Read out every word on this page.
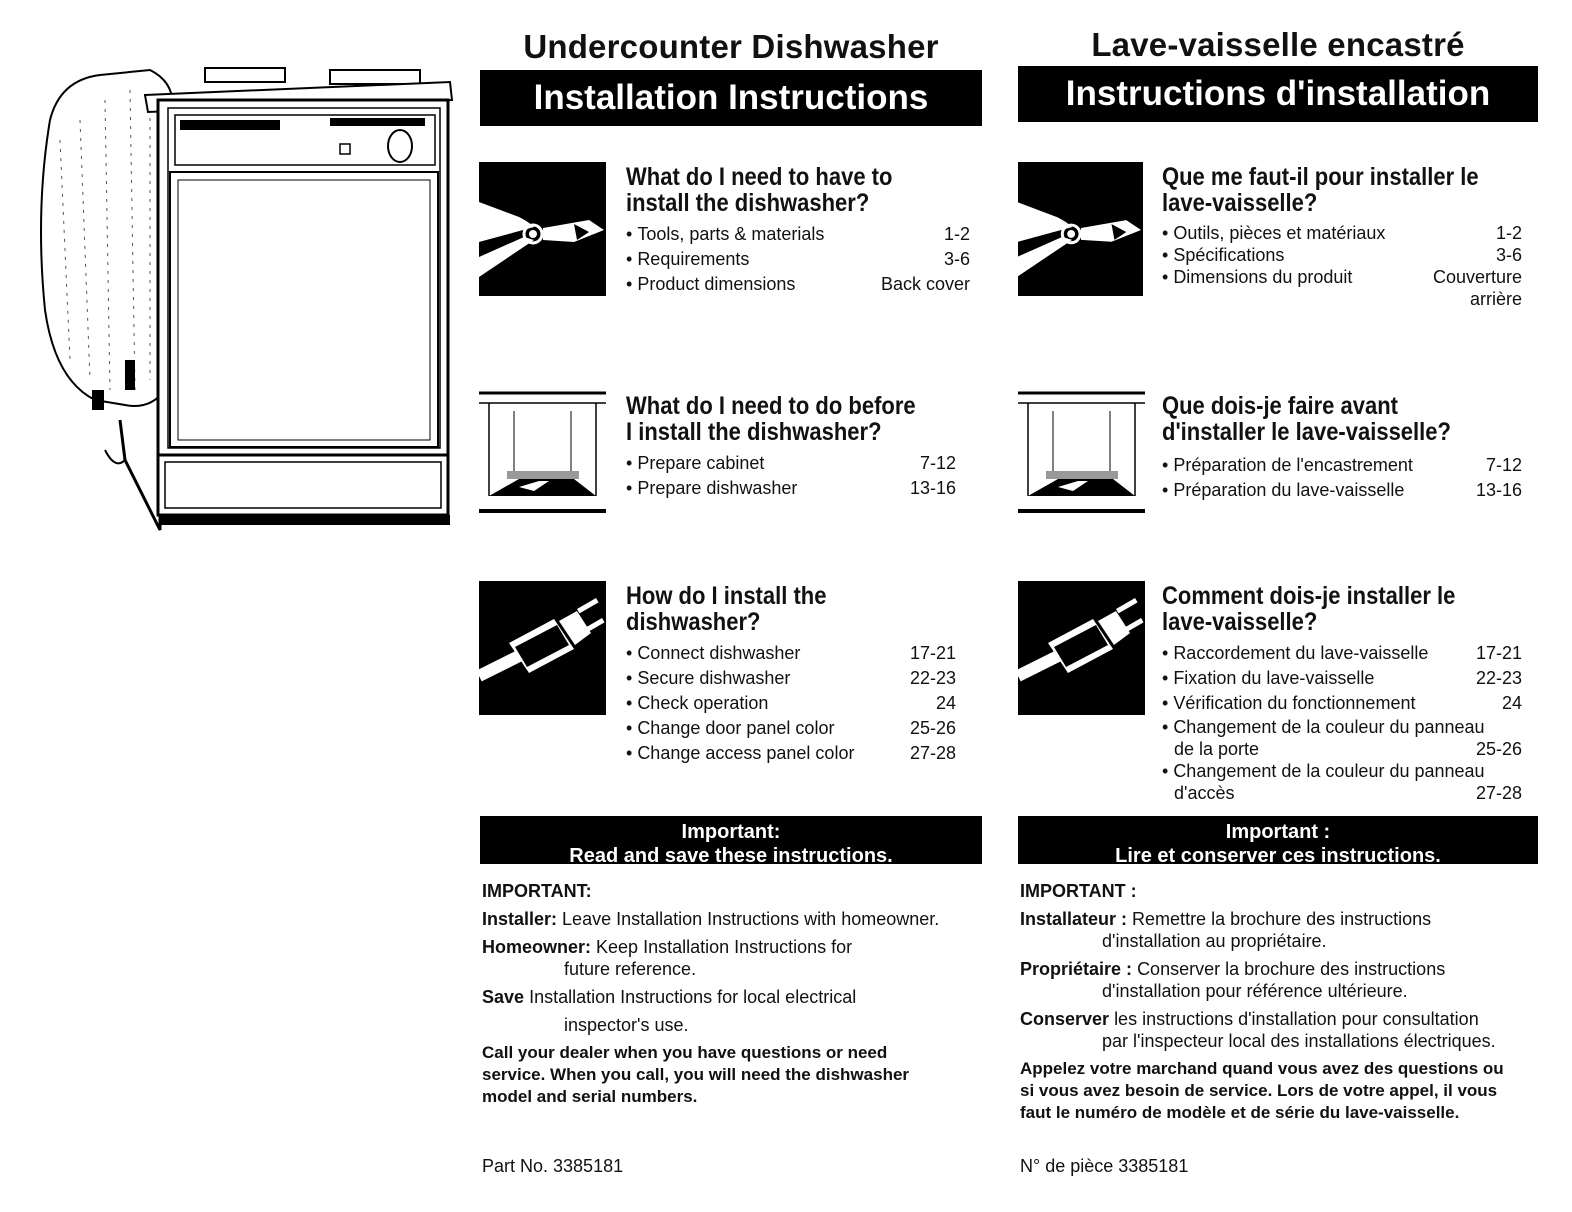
Undercounter Dishwasher
Installation Instructions
Lave-vaisselle encastré
Instructions d'installation
What do I need to have to
install the dishwasher?
• Tools, parts & materials	1-2
• Requirements	3-6
• Product dimensions	Back cover
What do I need to do before
I install the dishwasher?
• Prepare cabinet	7-12
• Prepare dishwasher	13-16
How do I install the
dishwasher?
• Connect dishwasher	17-21
• Secure dishwasher	22-23
• Check operation	24
• Change door panel color	25-26
• Change access panel color	27-28
Que me faut-il pour installer le
lave-vaisselle?
• Outils, pièces et matériaux	1-2
• Spécifications	3-6
• Dimensions du produit	Couverture
arrière
Que dois-je faire avant
d'installer le lave-vaisselle?
• Préparation de l'encastrement	7-12
• Préparation du lave-vaisselle	13-16
Comment dois-je installer le
lave-vaisselle?
• Raccordement du lave-vaisselle	17-21
• Fixation du lave-vaisselle	22-23
• Vérification du fonctionnement	24
• Changement de la couleur du panneau
de la porte	25-26
• Changement de la couleur du panneau
d'accès	27-28
Important:
Read and save these instructions.
Important :
Lire et conserver ces instructions.
IMPORTANT:
Installer: Leave Installation Instructions with homeowner.
Homeowner: Keep Installation Instructions for
future reference.
Save Installation Instructions for local electrical
inspector's use.
Call your dealer when you have questions or need
service. When you call, you will need the dishwasher
model and serial numbers.
IMPORTANT :
Installateur : Remettre la brochure des instructions
d'installation au propriétaire.
Propriétaire : Conserver la brochure des instructions
d'installation pour référence ultérieure.
Conserver les instructions d'installation pour consultation
par l'inspecteur local des installations électriques.
Appelez votre marchand quand vous avez des questions ou
si vous avez besoin de service. Lors de votre appel, il vous
faut le numéro de modèle et de série du lave-vaisselle.
Part No. 3385181	N° de pièce 3385181
